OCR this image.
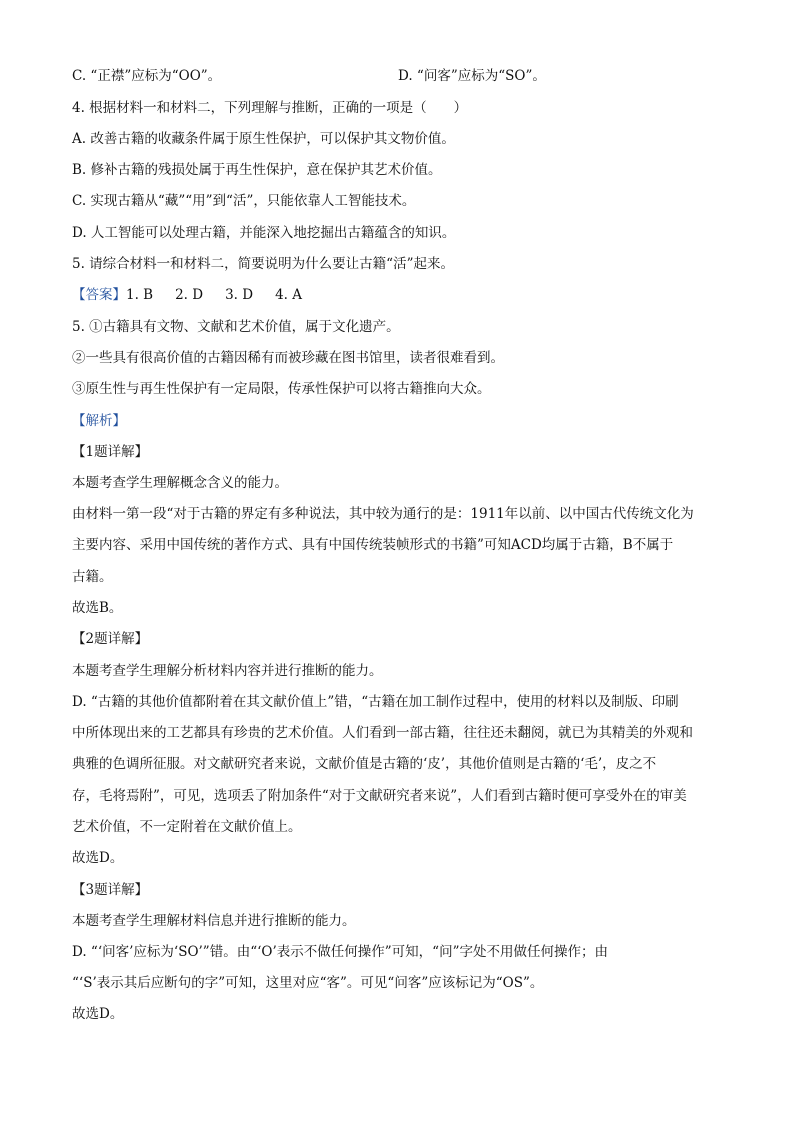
C. “正襟”应标为“OO”。	D. “问客”应标为“SO”。
4. 根据材料一和材料二，下列理解与推断，正确的一项是（　　）
A. 改善古籍的收藏条件属于原生性保护，可以保护其文物价值。
B. 修补古籍的残损处属于再生性保护，意在保护其艺术价值。
C. 实现古籍从“藏”“用”到“活”，只能依靠人工智能技术。
D. 人工智能可以处理古籍，并能深入地挖掘出古籍蕴含的知识。
5. 请综合材料一和材料二，简要说明为什么要让古籍“活”起来。
【答案】1. B 2. D 3. D 4. A
5. ①古籍具有文物、文献和艺术价值，属于文化遗产。
②一些具有很高价值的古籍因稀有而被珍藏在图书馆里，读者很难看到。
③原生性与再生性保护有一定局限，传承性保护可以将古籍推向大众。
【解析】
【1题详解】
本题考查学生理解概念含义的能力。
由材料一第一段“对于古籍的界定有多种说法，其中较为通行的是：1911年以前、以中国古代传统文化为
主要内容、采用中国传统的著作方式、具有中国传统装帧形式的书籍”可知ACD均属于古籍，B不属于
古籍。
故选B。
【2题详解】
本题考查学生理解分析材料内容并进行推断的能力。
D. “古籍的其他价值都附着在其文献价值上”错，“古籍在加工制作过程中，使用的材料以及制版、印刷
中所体现出来的工艺都具有珍贵的艺术价值。人们看到一部古籍，往往还未翻阅，就已为其精美的外观和
典雅的色调所征服。对文献研究者来说，文献价值是古籍的‘皮’，其他价值则是古籍的‘毛’，皮之不
存，毛将焉附”，可见，选项丢了附加条件“对于文献研究者来说”，人们看到古籍时便可享受外在的审美
艺术价值，不一定附着在文献价值上。
故选D。
【3题详解】
本题考查学生理解材料信息并进行推断的能力。
D. “‘问客’应标为‘SO’”错。由“‘O’表示不做任何操作”可知，“问”字处不用做任何操作；由
“‘S’表示其后应断句的字”可知，这里对应“客”。可见“问客”应该标记为“OS”。
故选D。
